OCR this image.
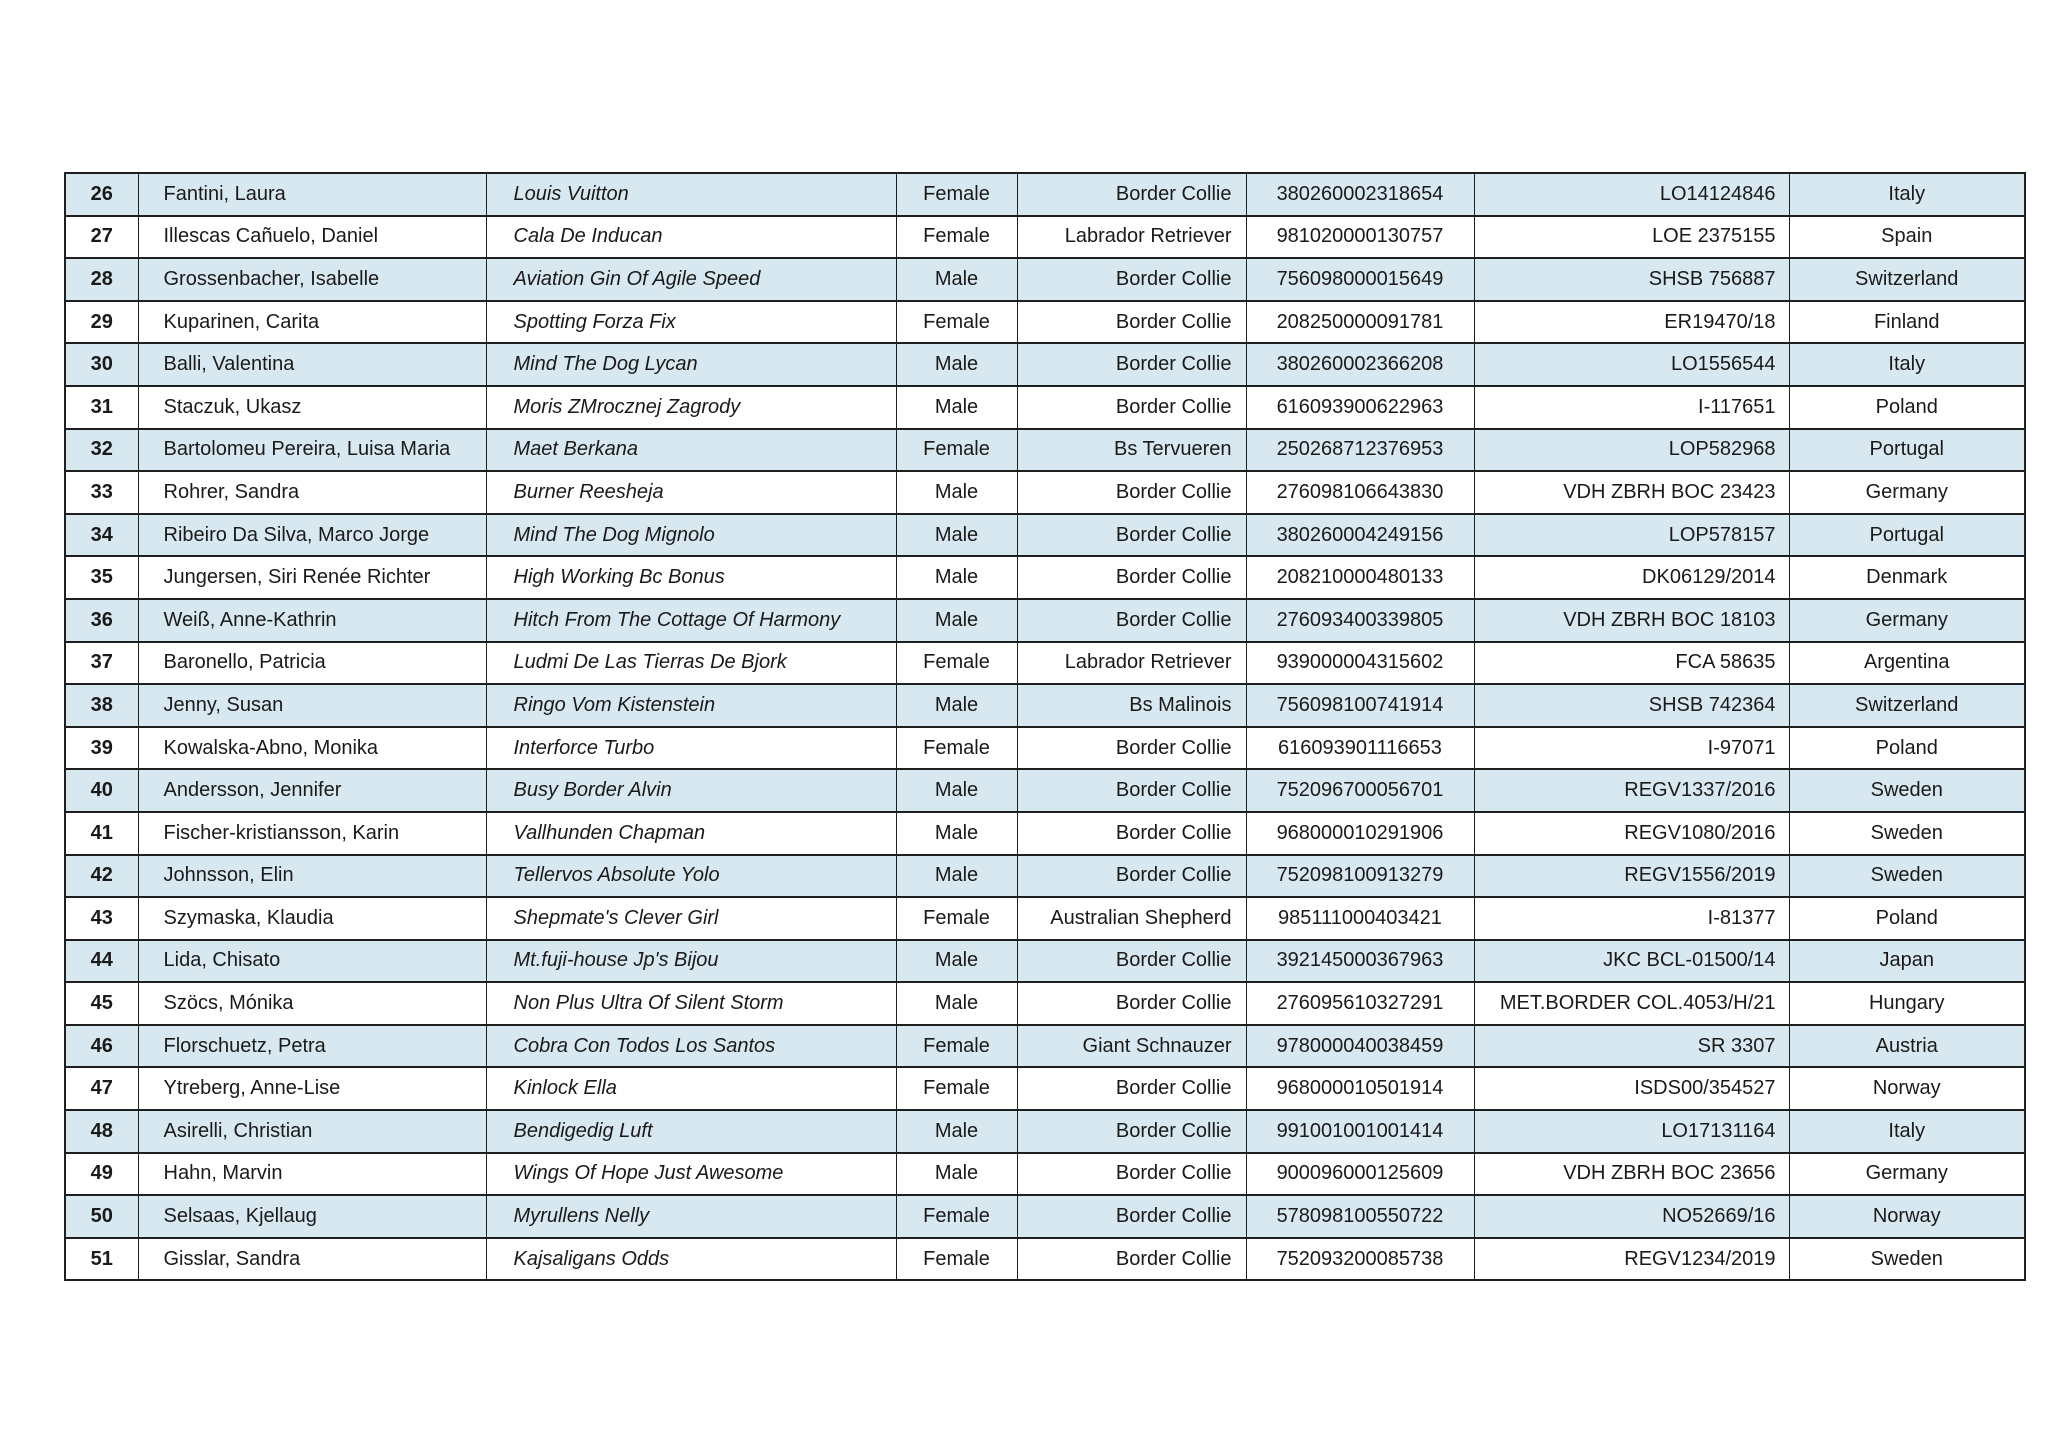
26	Fantini, Laura	Louis Vuitton	Female	Border Collie	380260002318654	LO14124846	Italy
27	Illescas Cañuelo, Daniel	Cala De Inducan	Female	Labrador Retriever	981020000130757	LOE 2375155	Spain
28	Grossenbacher, Isabelle	Aviation Gin Of Agile Speed	Male	Border Collie	756098000015649	SHSB 756887	Switzerland
29	Kuparinen, Carita	Spotting Forza Fix	Female	Border Collie	208250000091781	ER19470/18	Finland
30	Balli, Valentina	Mind The Dog Lycan	Male	Border Collie	380260002366208	LO1556544	Italy
31	Staczuk, Ukasz	Moris ZMrocznej Zagrody	Male	Border Collie	616093900622963	I-117651	Poland
32	Bartolomeu Pereira, Luisa Maria	Maet Berkana	Female	Bs Tervueren	250268712376953	LOP582968	Portugal
33	Rohrer, Sandra	Burner Reesheja	Male	Border Collie	276098106643830	VDH ZBRH BOC 23423	Germany
34	Ribeiro Da Silva, Marco Jorge	Mind The Dog Mignolo	Male	Border Collie	380260004249156	LOP578157	Portugal
35	Jungersen, Siri Renée Richter	High Working Bc Bonus	Male	Border Collie	208210000480133	DK06129/2014	Denmark
36	Weiß, Anne-Kathrin	Hitch From The Cottage Of Harmony	Male	Border Collie	276093400339805	VDH ZBRH BOC 18103	Germany
37	Baronello, Patricia	Ludmi De Las Tierras De Bjork	Female	Labrador Retriever	939000004315602	FCA 58635	Argentina
38	Jenny, Susan	Ringo Vom Kistenstein	Male	Bs Malinois	756098100741914	SHSB 742364	Switzerland
39	Kowalska-Abno, Monika	Interforce Turbo	Female	Border Collie	616093901116653	I-97071	Poland
40	Andersson, Jennifer	Busy Border Alvin	Male	Border Collie	752096700056701	REGV1337/2016	Sweden
41	Fischer-kristiansson, Karin	Vallhunden Chapman	Male	Border Collie	968000010291906	REGV1080/2016	Sweden
42	Johnsson, Elin	Tellervos Absolute Yolo	Male	Border Collie	752098100913279	REGV1556/2019	Sweden
43	Szymaska, Klaudia	Shepmate's Clever Girl	Female	Australian Shepherd	985111000403421	I-81377	Poland
44	Lida, Chisato	Mt.fuji-house Jp's Bijou	Male	Border Collie	392145000367963	JKC BCL-01500/14	Japan
45	Szöcs, Mónika	Non Plus Ultra Of Silent Storm	Male	Border Collie	276095610327291	MET.BORDER COL.4053/H/21	Hungary
46	Florschuetz, Petra	Cobra Con Todos Los Santos	Female	Giant Schnauzer	978000040038459	SR 3307	Austria
47	Ytreberg, Anne-Lise	Kinlock Ella	Female	Border Collie	968000010501914	ISDS00/354527	Norway
48	Asirelli, Christian	Bendigedig Luft	Male	Border Collie	991001001001414	LO17131164	Italy
49	Hahn, Marvin	Wings Of Hope Just Awesome	Male	Border Collie	900096000125609	VDH ZBRH BOC 23656	Germany
50	Selsaas, Kjellaug	Myrullens Nelly	Female	Border Collie	578098100550722	NO52669/16	Norway
51	Gisslar, Sandra	Kajsaligans Odds	Female	Border Collie	752093200085738	REGV1234/2019	Sweden
